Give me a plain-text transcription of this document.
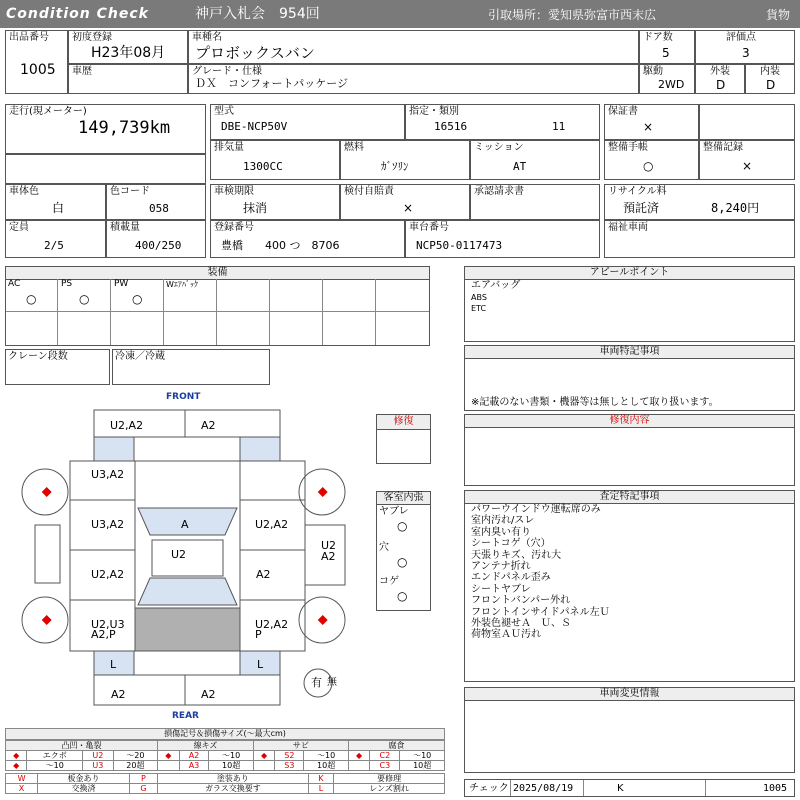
Condition Check	神戸入札会　954回	引取場所：愛知県弥富市西末広	貨物
出品番号
1005
初度登録
H23年08月
車種名
プロボックスバン
ドア数
5
評価点
3
車歴	グレード・仕様
ＤＸ　コンフォートパッケージ
駆動
2WD
外装
D
内装
D
走行(現メーター)
149,739km
型式
DBE-NCP50V
指定・類別
16516	11
保証書
×
排気量
1300CC
燃料
ｶﾞｿﾘﾝ
ミッション
AT
整備手帳
○
整備記録
×
車体色
白
色コード
058
車検期限
抹消
検付自賠責
×
承認請求書	リサイクル料
預託済	8,240円
定員
2/5
積載量
400/250
登録番号
豊橋　　400 つ　8706
車台番号
NCP50-0117473
福祉車両
装備
AC
○
PS
○
PW
○
Wｴｱﾊﾞｯｸ
クレーン段数	冷凍／冷蔵
アピールポイント
エアバッグ
ABS
ETC
車両特記事項
※記載のない書類・機器等は無しとして取り扱います。
修復内容
査定特記事項
パワーウインドウ運転席のみ
室内汚れ/スレ
室内臭い有り
シートコゲ（穴）
天張りキズ、汚れ大
アンテナ折れ
エンドパネル歪み
シートヤブレ
フロントバンパー外れ
フロントインサイドパネル左Ｕ
外装色褪せＡ　Ｕ、Ｓ
荷物室ＡＵ汚れ
車両変更情報
チェック 2025/08/19	K	1005
修復
客室内張
ヤブレ
○
穴
○
コゲ
○
FRONT
REAR
U2,A2	A2
U3,A2
U3,A2	A	U2,A2
U2
U2
A2
U2,A2	A2
U2,U3
A2,P
U2,A2
P
L	L
A2	A2
有 無
損傷記号＆損傷サイズ(〜最大cm)
凸凹・亀裂				線キズ			サビ			腐食		
◆	エクボ	U2	〜20	◆	A2	〜10	◆	S2	〜10	◆	C2	〜10
◆	〜10	U3	20超		A3	10超		S3	10超		C3	10超
W	板金あり	P	塗装あり	K	要修理
X	交換済	G	ガラス交換要す	L	レンズ割れ
